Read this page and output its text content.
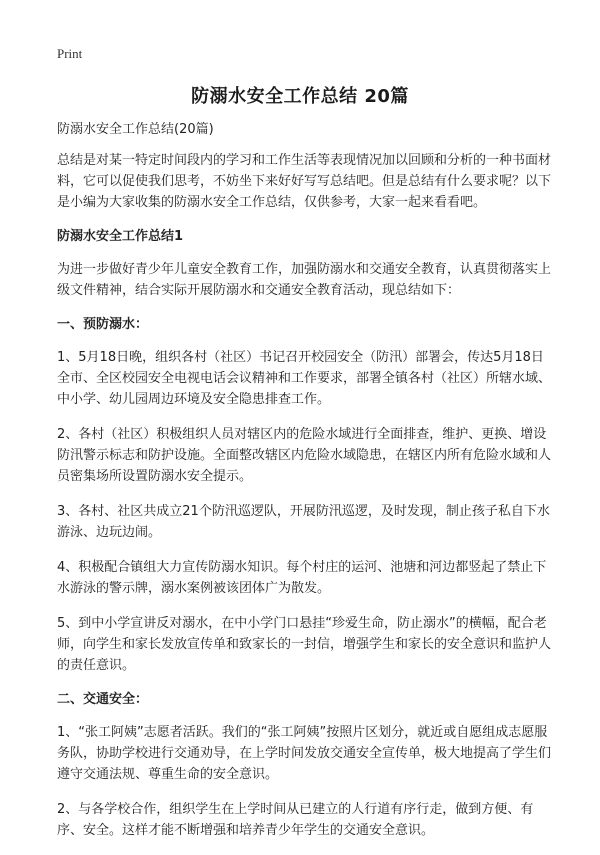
Print
防溺水安全工作总结 20篇

防溺水安全工作总结(20篇)

总结是对某一特定时间段内的学习和工作生活等表现情况加以回顾和分析的一种书面材料，它可以促使我们思考，不妨坐下来好好写写总结吧。但是总结有什么要求呢？以下是小编为大家收集的防溺水安全工作总结，仅供参考，大家一起来看看吧。

防溺水安全工作总结1

为进一步做好青少年儿童安全教育工作，加强防溺水和交通安全教育，认真贯彻落实上级文件精神，结合实际开展防溺水和交通安全教育活动，现总结如下：

一、预防溺水：

1、5月18日晚，组织各村（社区）书记召开校园安全（防汛）部署会，传达5月18日全市、全区校园安全电视电话会议精神和工作要求，部署全镇各村（社区）所辖水域、中小学、幼儿园周边环境及安全隐患排查工作。

2、各村（社区）积极组织人员对辖区内的危险水域进行全面排查，维护、更换、增设防汛警示标志和防护设施。全面整改辖区内危险水域隐患，在辖区内所有危险水域和人员密集场所设置防溺水安全提示。

3、各村、社区共成立21个防汛巡逻队，开展防汛巡逻，及时发现，制止孩子私自下水游泳、边玩边闹。

4、积极配合镇组大力宣传防溺水知识。每个村庄的运河、池塘和河边都竖起了禁止下水游泳的警示牌，溺水案例被该团体广为散发。

5、到中小学宣讲反对溺水，在中小学门口悬挂“珍爱生命，防止溺水”的横幅，配合老师，向学生和家长发放宣传单和致家长的一封信，增强学生和家长的安全意识和监护人的责任意识。

二、交通安全：

1、“张工阿姨”志愿者活跃。我们的“张工阿姨”按照片区划分，就近或自愿组成志愿服务队，协助学校进行交通劝导，在上学时间发放交通安全宣传单，极大地提高了学生们遵守交通法规、尊重生命的安全意识。

2、与各学校合作，组织学生在上学时间从已建立的人行道有序行走，做到方便、有序、安全。这样才能不断增强和培养青少年学生的交通安全意识。
